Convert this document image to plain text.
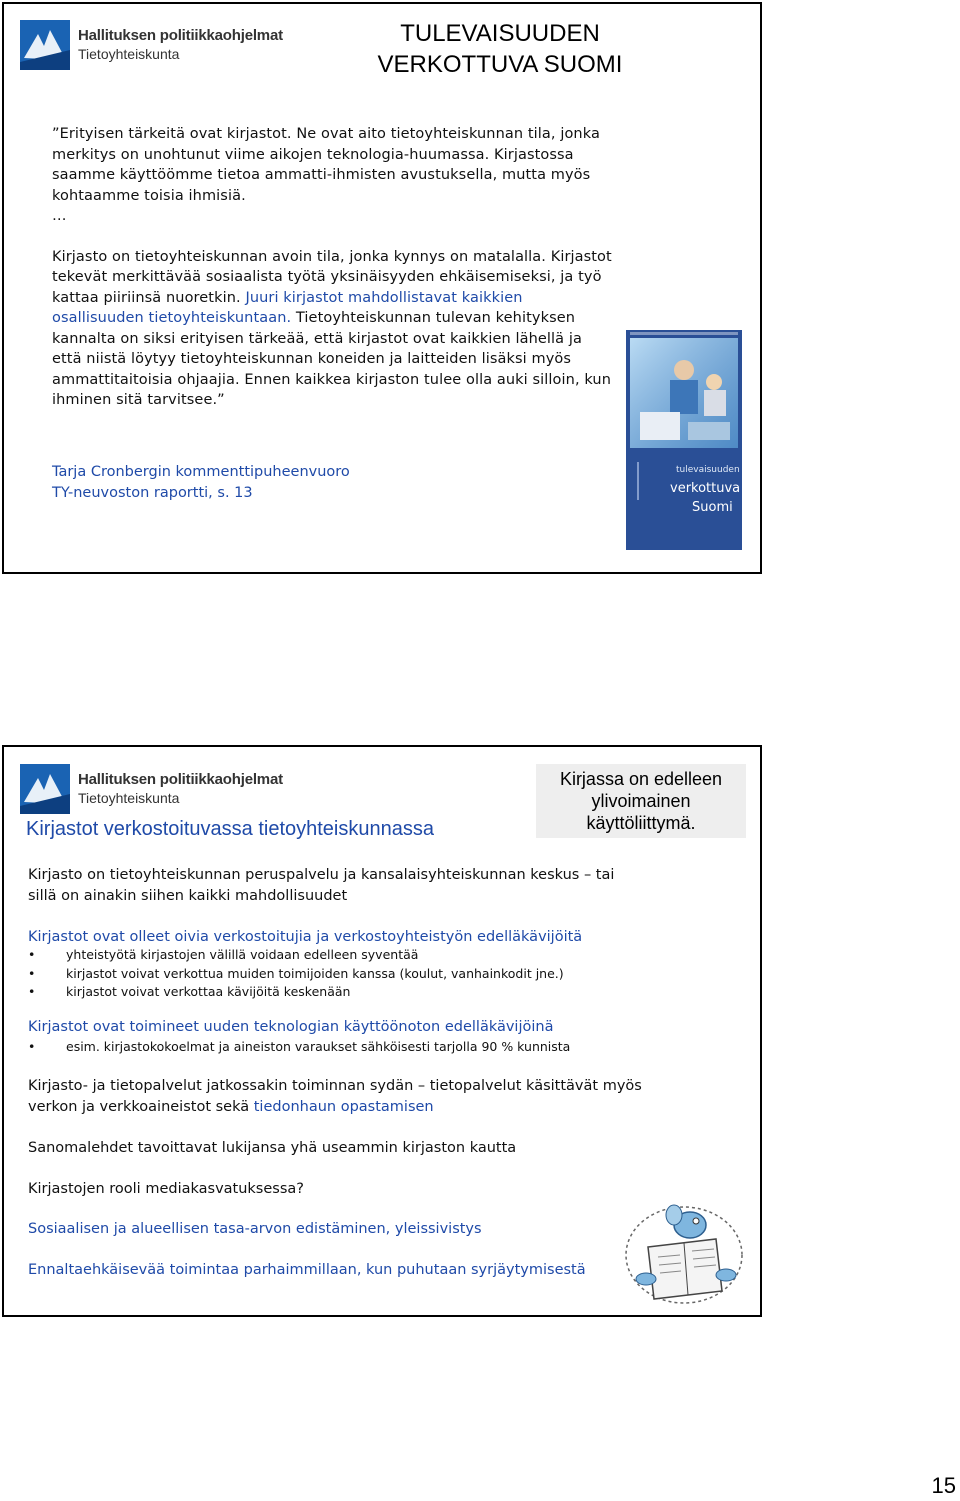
Hallituksen politiikkaohjelmat
Tietoyhteiskunta
TULEVAISUUDEN
VERKOTTUVA SUOMI

”Erityisen tärkeitä ovat kirjastot. Ne ovat aito tietoyhteiskunnan tila, jonka merkitys on unohtunut viime aikojen teknologia-huumassa. Kirjastossa saamme käyttöömme tietoa ammatti-ihmisten avustuksella, mutta myös kohtaamme toisia ihmisiä.

…

Kirjasto on tietoyhteiskunnan avoin tila, jonka kynnys on matalalla. Kirjastot tekevät merkittävää sosiaalista työtä yksinäisyyden ehkäisemiseksi, ja työ kattaa piiriinsä nuoretkin. Juuri kirjastot mahdollistavat kaikkien osallisuuden tietoyhteiskuntaan. Tietoyhteiskunnan tulevan kehityksen kannalta on siksi erityisen tärkeää, että kirjastot ovat kaikkien lähellä ja että niistä löytyy tietoyhteiskunnan koneiden ja laitteiden lisäksi myös ammattitaitoisia ohjaajia. Ennen kaikkea kirjaston tulee olla auki silloin, kun ihminen sitä tarvitsee.”

Tarja Cronbergin kommenttipuheenvuoro
TY-neuvoston raportti, s. 13
tulevaisuuden
verkottuva
Suomi
Hallituksen politiikkaohjelmat
Tietoyhteiskunta
Kirjastot verkostoituvassa tietoyhteiskunnassa
Kirjassa on edelleen ylivoimainen käyttöliittymä.

Kirjasto on tietoyhteiskunnan peruspalvelu ja kansalaisyhteiskunnan keskus – tai sillä on ainakin siihen kaikki mahdollisuudet

Kirjastot ovat olleet oivia verkostoitujia ja verkostoyhteistyön edelläkävijöitä

• yhteistyötä kirjastojen välillä voidaan edelleen syventää
• kirjastot voivat verkottua muiden toimijoiden kanssa (koulut, vanhainkodit jne.)
• kirjastot voivat verkottaa kävijöitä keskenään

Kirjastot ovat toimineet uuden teknologian käyttöönoton edelläkävijöinä

• esim. kirjastokokoelmat ja aineiston varaukset sähköisesti tarjolla 90 % kunnista

Kirjasto- ja tietopalvelut jatkossakin toiminnan sydän – tietopalvelut käsittävät myös verkon ja verkkoaineistot sekä tiedonhaun opastamisen

Sanomalehdet tavoittavat lukijansa yhä useammin kirjaston kautta

Kirjastojen rooli mediakasvatuksessa?

Sosiaalisen ja alueellisen tasa-arvon edistäminen, yleissivistys

Ennaltaehkäisevää toimintaa parhaimmillaan, kun puhutaan syrjäytymisestä

15
